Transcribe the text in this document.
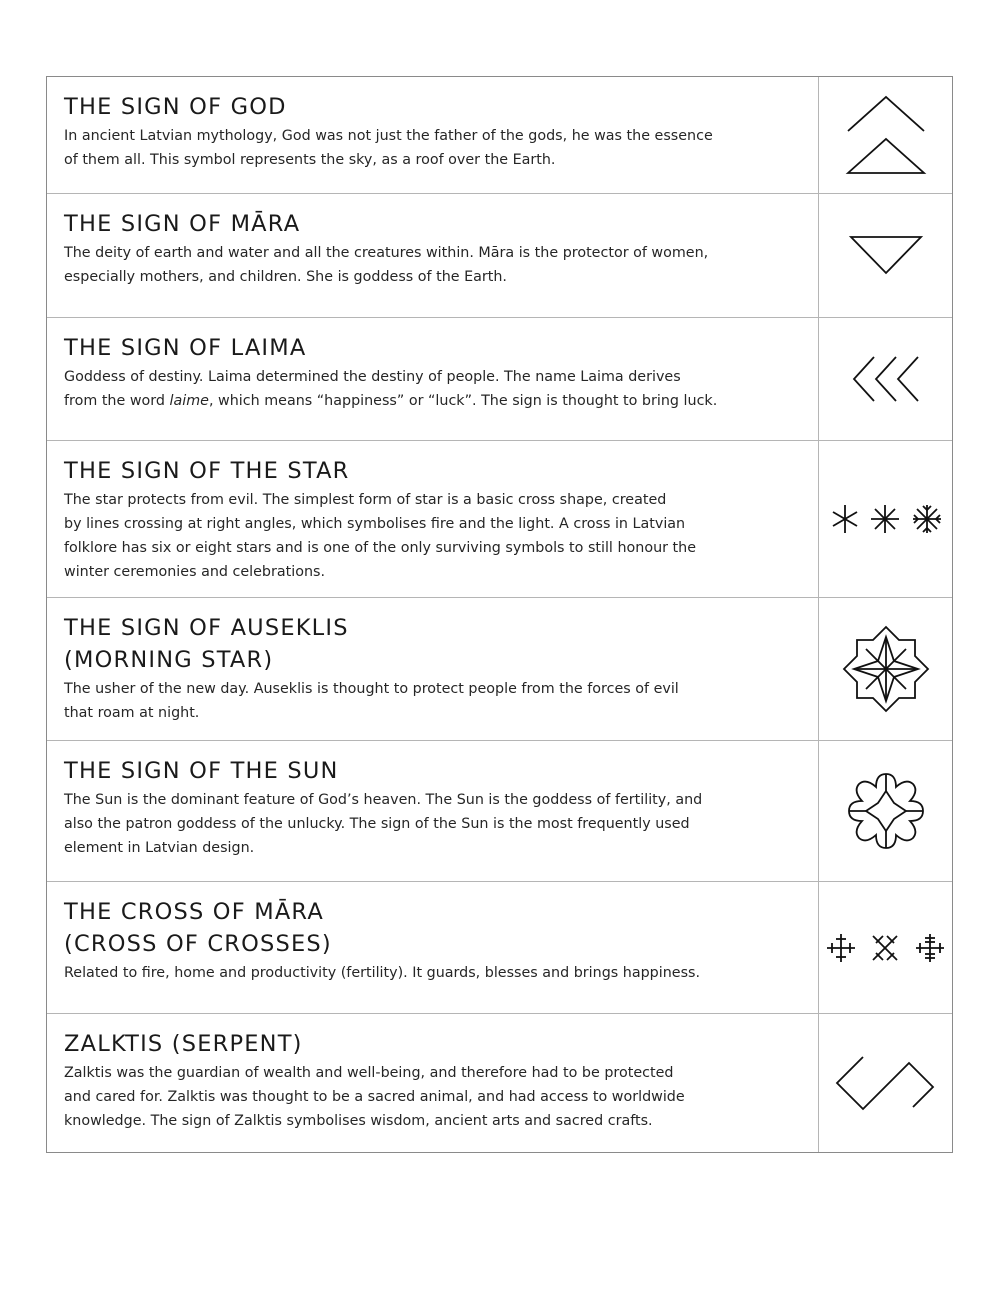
THE SIGN OF GOD

In ancient Latvian mythology, God was not just the father of the gods, he was the essence
of them all. This symbol represents the sky, as a roof over the Earth.

THE SIGN OF MĀRA

The deity of earth and water and all the creatures within. Māra is the protector of women,
especially mothers, and children. She is goddess of the Earth.

THE SIGN OF LAIMA

Goddess of destiny. Laima determined the destiny of people. The name Laima derives
from the word laime, which means “happiness” or “luck”. The sign is thought to bring luck.

THE SIGN OF THE STAR

The star protects from evil. The simplest form of star is a basic cross shape, created
by lines crossing at right angles, which symbolises fire and the light. A cross in Latvian
folklore has six or eight stars and is one of the only surviving symbols to still honour the
winter ceremonies and celebrations.

THE SIGN OF AUSEKLIS
(MORNING STAR)

The usher of the new day. Auseklis is thought to protect people from the forces of evil
that roam at night.

THE SIGN OF THE SUN

The Sun is the dominant feature of God’s heaven. The Sun is the goddess of fertility, and
also the patron goddess of the unlucky. The sign of the Sun is the most frequently used
element in Latvian design.

THE CROSS OF MĀRA
(CROSS OF CROSSES)

Related to fire, home and productivity (fertility). It guards, blesses and brings happiness.

ZALKTIS (SERPENT)

Zalktis was the guardian of wealth and well-being, and therefore had to be protected
and cared for. Zalktis was thought to be a sacred animal, and had access to worldwide
knowledge. The sign of Zalktis symbolises wisdom, ancient arts and sacred crafts.
